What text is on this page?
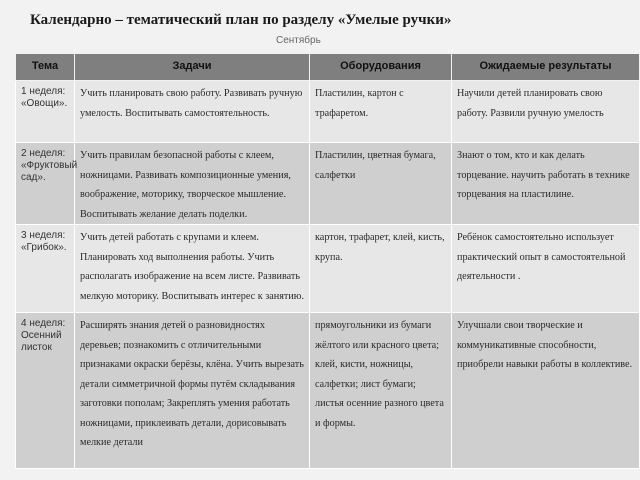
Календарно – тематический план по разделу «Умелые ручки»
Сентябрь
Тема	Задачи	Оборудования	Ожидаемые результаты
1 неделя: «Овощи».	Учить планировать свою работу. Развивать ручную умелость. Воспитывать самостоятельность.	Пластилин, картон с трафаретом.	Научили детей планировать свою работу. Развили ручную умелость
2 неделя: «Фруктовый сад».	Учить правилам безопасной работы с клеем, ножницами. Развивать композиционные умения, воображение, моторику, творческое мышление. Воспитывать желание делать поделки.	Пластилин, цветная бумага, салфетки	Знают о том, кто и как делать торцевание. научить работать в технике торцевания на пластилине.
3 неделя: «Грибок».	Учить детей работать с крупами и клеем. Планировать ход выполнения работы. Учить располагать изображение на всем листе. Развивать мелкую моторику. Воспитывать интерес к занятию.	картон, трафарет, клей, кисть, крупа.	Ребёнок самостоятельно использует практический опыт в самостоятельной деятельности .
4 неделя: Осенний листок	Расширять знания детей о разновидностях деревьев; познакомить с отличительными признаками окраски берёзы, клёна. Учить вырезать детали симметричной формы путём складывания заготовки пополам; Закреплять умения работать ножницами, приклеивать детали, дорисовывать мелкие детали	прямоугольники из бумаги жёлтого или красного цвета; клей, кисти, ножницы, салфетки; лист бумаги; листья осенние разного цвета и формы.	Улучшали свои творческие и коммуникативные способности, приобрели навыки работы в коллективе.
